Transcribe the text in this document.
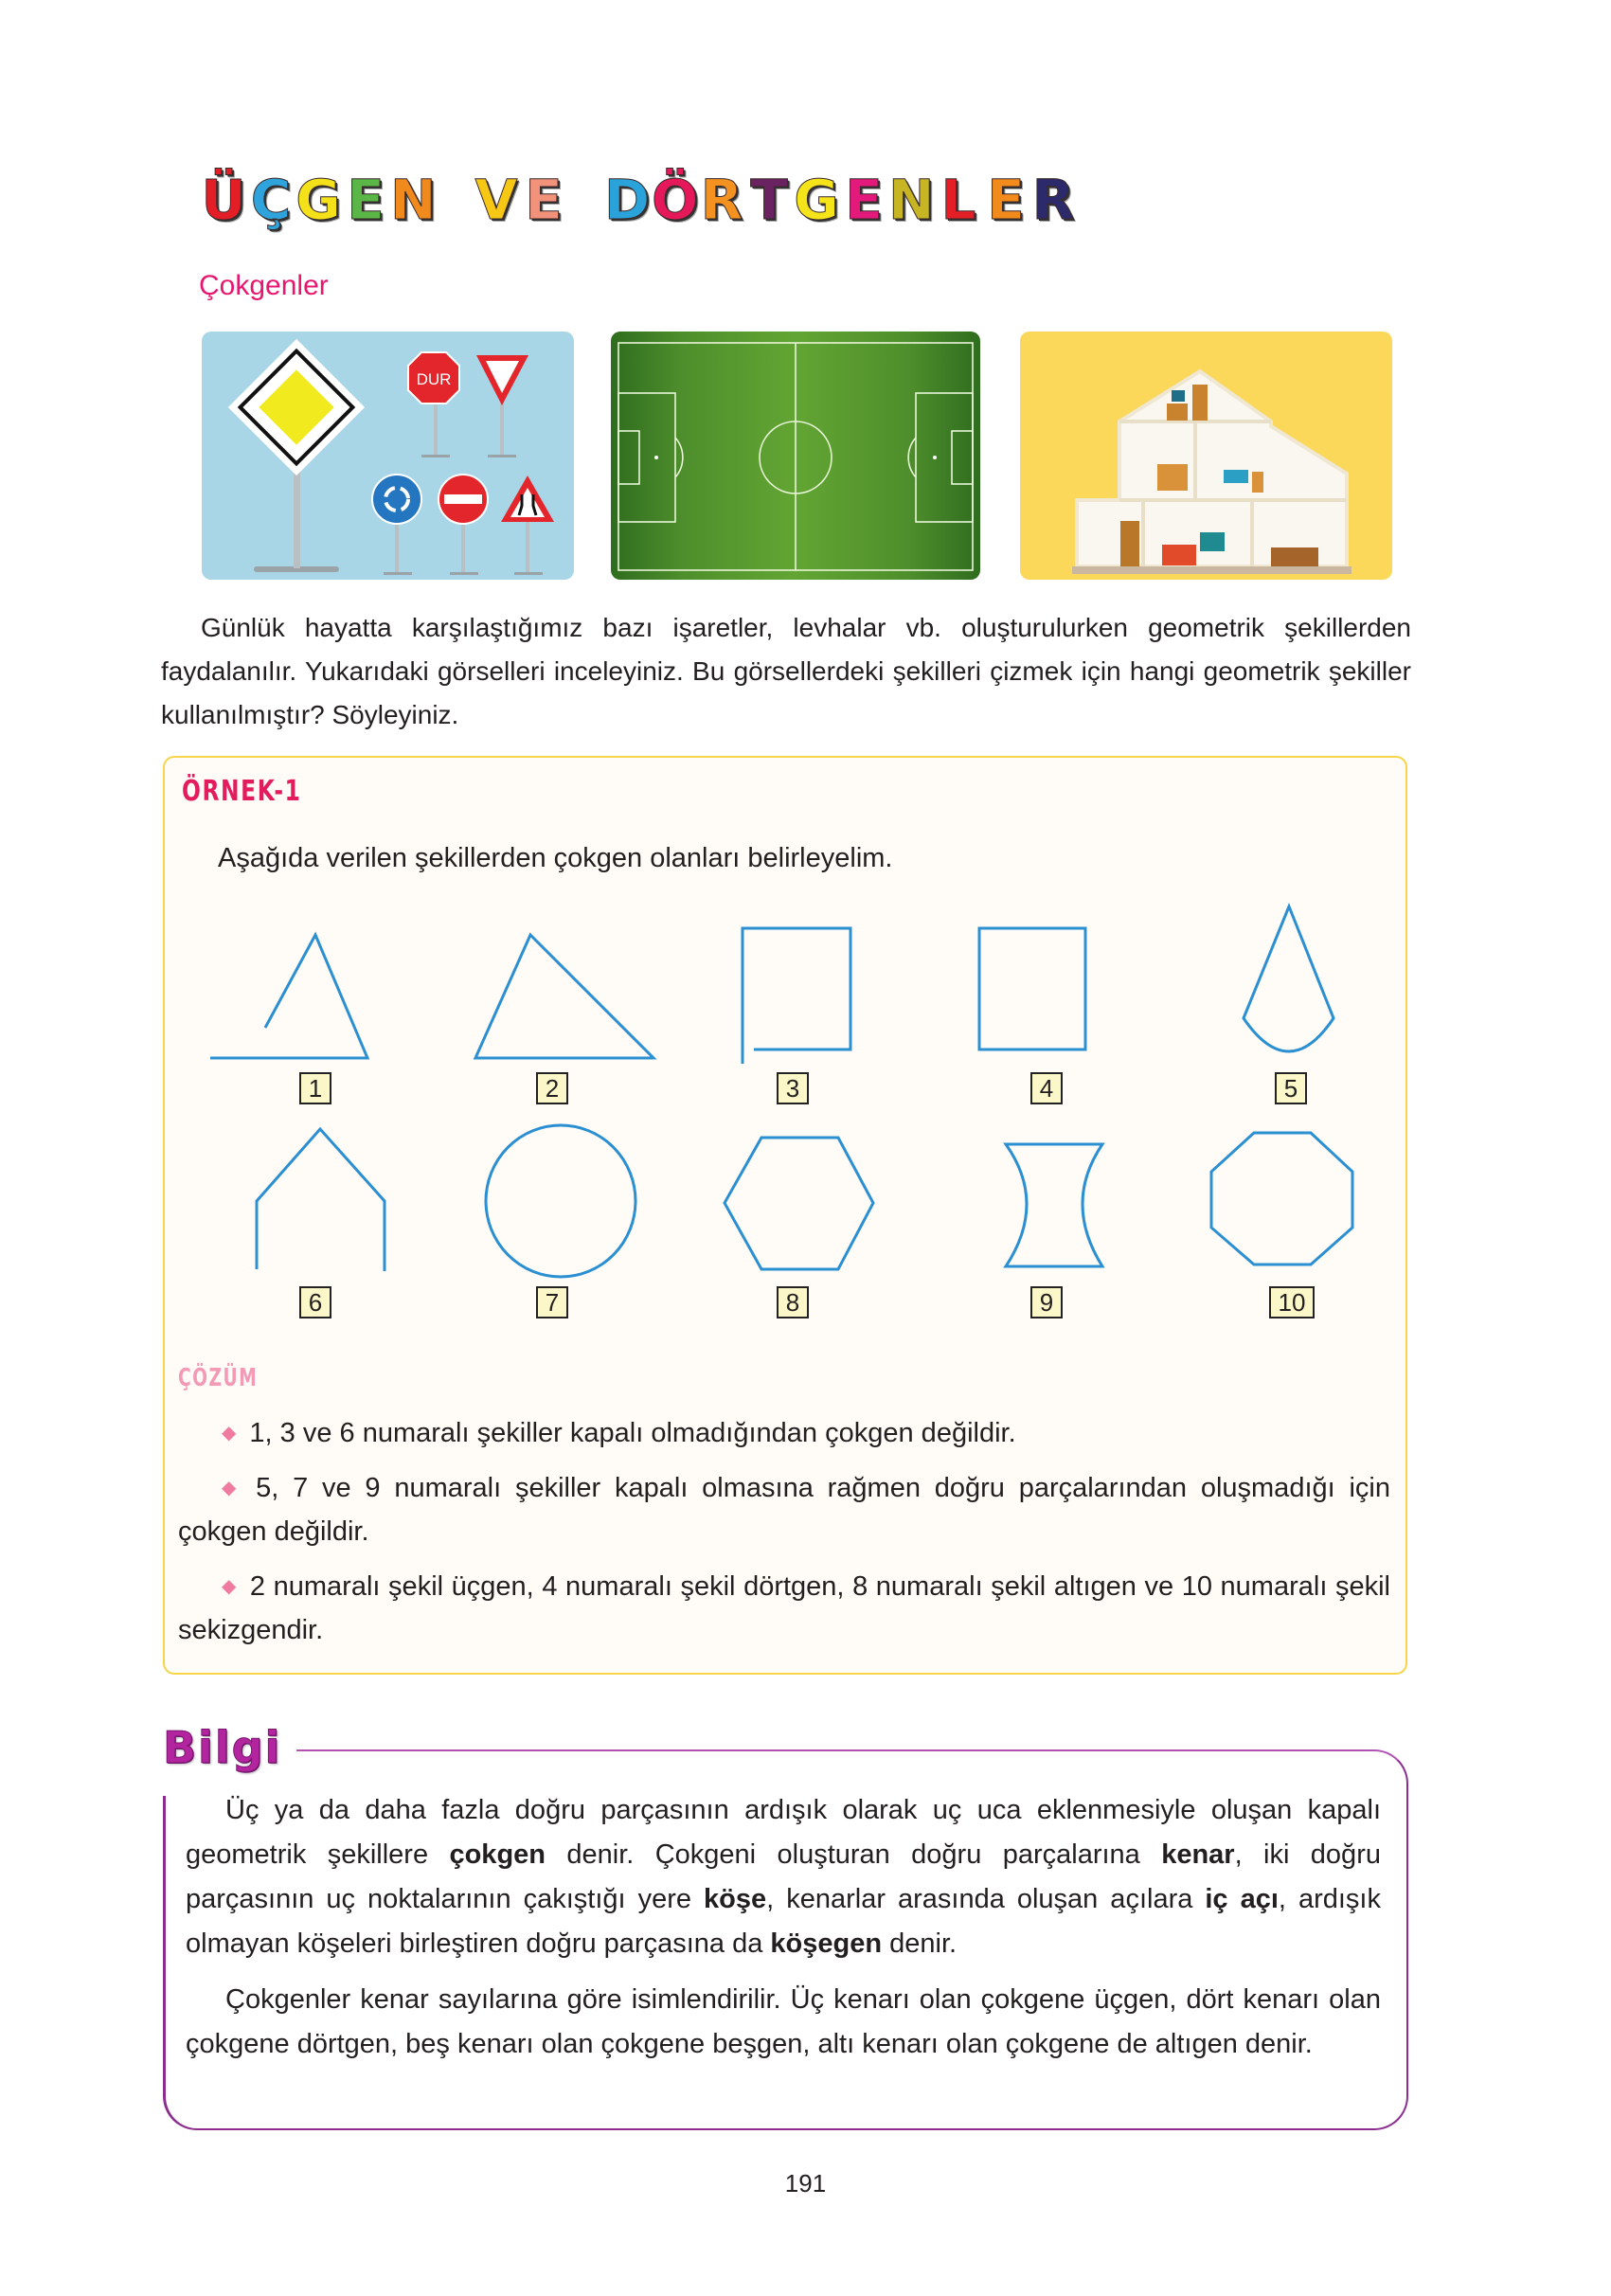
Ü Ç G E N V E D Ö R T G E N L E R
Çokgenler
DUR

Günlük hayatta karşılaştığımız bazı işaretler, levhalar vb. oluşturulurken geometrik şekillerden faydalanılır. Yukarıdaki görselleri inceleyiniz. Bu görsellerdeki şekilleri çizmek için hangi geometrik şekiller kullanılmıştır? Söyleyiniz.

ÖRNEK-1
Aşağıda verilen şekillerden çokgen olanları belirleyelim.
1	2	3	4	5
6	7	8	9	10
ÇÖZÜM

◆ 1, 3 ve 6 numaralı şekiller kapalı olmadığından çokgen değildir.

◆ 5, 7 ve 9 numaralı şekiller kapalı olmasına rağmen doğru parçalarından oluşmadığı için çokgen değildir.

◆ 2 numaralı şekil üçgen, 4 numaralı şekil dörtgen, 8 numaralı şekil altıgen ve 10 numaralı şekil sekizgendir.

Bilgi

Üç ya da daha fazla doğru parçasının ardışık olarak uç uca eklenmesiyle oluşan kapalı geometrik şekillere çokgen denir. Çokgeni oluşturan doğru parçalarına kenar, iki doğru parçasının uç noktalarının çakıştığı yere köşe, kenarlar arasında oluşan açılara iç açı, ardışık olmayan köşeleri birleştiren doğru parçasına da köşegen denir.

Çokgenler kenar sayılarına göre isimlendirilir. Üç kenarı olan çokgene üçgen, dört kenarı olan çokgene dörtgen, beş kenarı olan çokgene beşgen, altı kenarı olan çokgene de altıgen denir.

191
